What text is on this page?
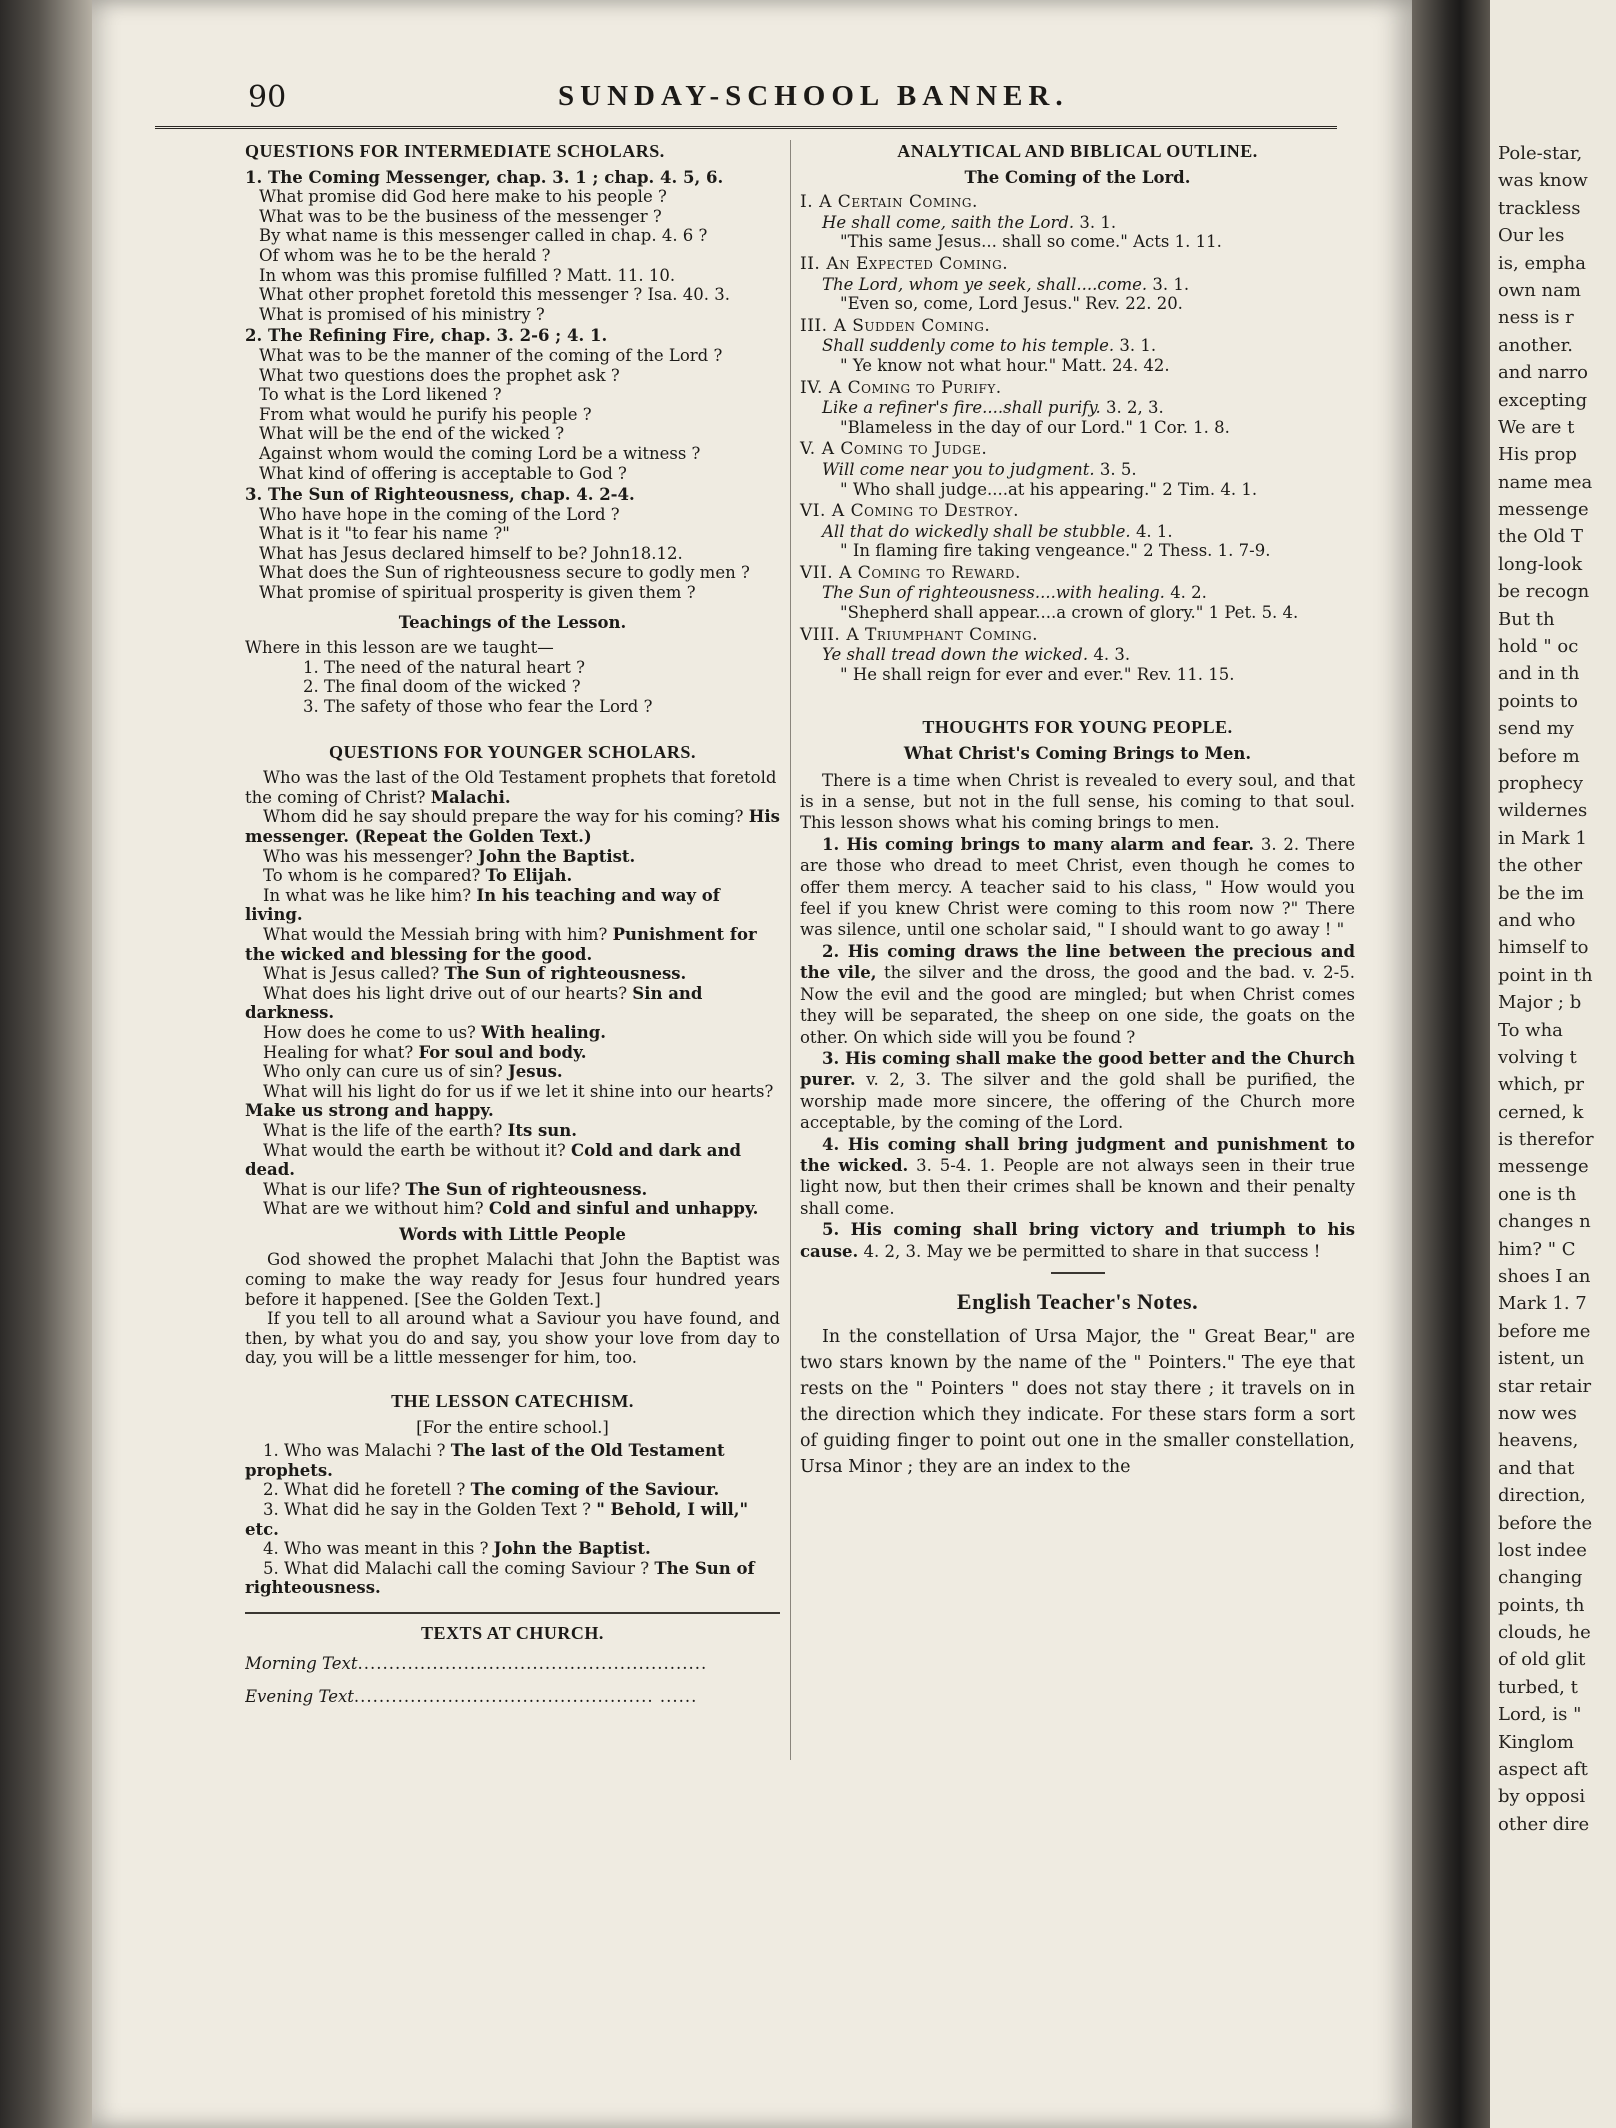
Pole-star,
was know
trackless
Our les
is, empha
own nam
ness is r
another.
and narro
excepting
We are t
His prop
name mea
messenge
the Old T
long-look
be recogn
But th
hold " oc
and in th
points to
send my
before m
prophecy
wildernes
in Mark 1
the other
be the im
and who
himself to
point in th
Major ; b
To wha
volving t
which, pr
cerned, k
is therefor
messenge
one is th
changes n
him? " C
shoes I an
Mark 1. 7
before me
istent, un
star retair
now wes
heavens,
and that
direction,
before the
lost indee
changing
points, th
clouds, he
of old glit
turbed, t
Lord, is "
Kinglom
aspect aft
by opposi
other dire
90	SUNDAY-SCHOOL BANNER.
QUESTIONS FOR INTERMEDIATE SCHOLARS.
1. The Coming Messenger, chap. 3. 1 ; chap. 4. 5, 6.
What promise did God here make to his people ?
What was to be the business of the messenger ?
By what name is this messenger called in chap. 4. 6 ?
Of whom was he to be the herald ?
In whom was this promise fulfilled ? Matt. 11. 10.
What other prophet foretold this messenger ? Isa. 40. 3.
What is promised of his ministry ?
2. The Refining Fire, chap. 3. 2-6 ; 4. 1.
What was to be the manner of the coming of the Lord ?
What two questions does the prophet ask ?
To what is the Lord likened ?
From what would he purify his people ?
What will be the end of the wicked ?
Against whom would the coming Lord be a witness ?
What kind of offering is acceptable to God ?
3. The Sun of Righteousness, chap. 4. 2-4.
Who have hope in the coming of the Lord ?
What is it "to fear his name ?"
What has Jesus declared himself to be? John18.12.
What does the Sun of righteousness secure to godly men ?
What promise of spiritual prosperity is given them ?
Teachings of the Lesson.
Where in this lesson are we taught—
1. The need of the natural heart ?
2. The final doom of the wicked ?
3. The safety of those who fear the Lord ?
QUESTIONS FOR YOUNGER SCHOLARS.
Who was the last of the Old Testament prophets that foretold the coming of Christ? Malachi.
Whom did he say should prepare the way for his coming? His messenger. (Repeat the Golden Text.)
Who was his messenger? John the Baptist.
To whom is he compared? To Elijah.
In what was he like him? In his teaching and way of living.
What would the Messiah bring with him? Punishment for the wicked and blessing for the good.
What is Jesus called? The Sun of righteousness.
What does his light drive out of our hearts? Sin and darkness.
How does he come to us? With healing.
Healing for what? For soul and body.
Who only can cure us of sin? Jesus.
What will his light do for us if we let it shine into our hearts? Make us strong and happy.
What is the life of the earth? Its sun.
What would the earth be without it? Cold and dark and dead.
What is our life? The Sun of righteousness.
What are we without him? Cold and sinful and unhappy.
Words with Little People
God showed the prophet Malachi that John the Baptist was coming to make the way ready for Jesus four hundred years before it happened. [See the Golden Text.]
If you tell to all around what a Saviour you have found, and then, by what you do and say, you show your love from day to day, you will be a little messenger for him, too.
THE LESSON CATECHISM.
[For the entire school.]
1. Who was Malachi ? The last of the Old Testament prophets.
2. What did he foretell ? The coming of the Saviour.
3. What did he say in the Golden Text ? " Behold, I will," etc.
4. Who was meant in this ? John the Baptist.
5. What did Malachi call the coming Saviour ? The Sun of righteousness.
TEXTS AT CHURCH.
Morning Text........................................................
Evening Text................................................ ......
ANALYTICAL AND BIBLICAL OUTLINE.
The Coming of the Lord.
I. A Certain Coming.
He shall come, saith the Lord. 3. 1.
"This same Jesus... shall so come." Acts 1. 11.
II. An Expected Coming.
The Lord, whom ye seek, shall....come. 3. 1.
"Even so, come, Lord Jesus." Rev. 22. 20.
III. A Sudden Coming.
Shall suddenly come to his temple. 3. 1.
" Ye know not what hour." Matt. 24. 42.
IV. A Coming to Purify.
Like a refiner's fire....shall purify. 3. 2, 3.
"Blameless in the day of our Lord." 1 Cor. 1. 8.
V. A Coming to Judge.
Will come near you to judgment. 3. 5.
" Who shall judge....at his appearing." 2 Tim. 4. 1.
VI. A Coming to Destroy.
All that do wickedly shall be stubble. 4. 1.
" In flaming fire taking vengeance." 2 Thess. 1. 7-9.
VII. A Coming to Reward.
The Sun of righteousness....with healing. 4. 2.
"Shepherd shall appear....a crown of glory." 1 Pet. 5. 4.
VIII. A Triumphant Coming.
Ye shall tread down the wicked. 4. 3.
" He shall reign for ever and ever." Rev. 11. 15.
THOUGHTS FOR YOUNG PEOPLE.
What Christ's Coming Brings to Men.
There is a time when Christ is revealed to every soul, and that is in a sense, but not in the full sense, his coming to that soul. This lesson shows what his coming brings to men.
1. His coming brings to many alarm and fear. 3. 2. There are those who dread to meet Christ, even though he comes to offer them mercy. A teacher said to his class, " How would you feel if you knew Christ were coming to this room now ?" There was silence, until one scholar said, " I should want to go away ! "
2. His coming draws the line between the precious and the vile, the silver and the dross, the good and the bad. v. 2-5. Now the evil and the good are mingled; but when Christ comes they will be separated, the sheep on one side, the goats on the other. On which side will you be found ?
3. His coming shall make the good better and the Church purer. v. 2, 3. The silver and the gold shall be purified, the worship made more sincere, the offering of the Church more acceptable, by the coming of the Lord.
4. His coming shall bring judgment and punishment to the wicked. 3. 5-4. 1. People are not always seen in their true light now, but then their crimes shall be known and their penalty shall come.
5. His coming shall bring victory and triumph to his cause. 4. 2, 3. May we be permitted to share in that success !
English Teacher's Notes.
In the constellation of Ursa Major, the " Great Bear," are two stars known by the name of the " Pointers." The eye that rests on the " Pointers " does not stay there ; it travels on in the direction which they indicate. For these stars form a sort of guiding finger to point out one in the smaller constellation, Ursa Minor ; they are an index to the
